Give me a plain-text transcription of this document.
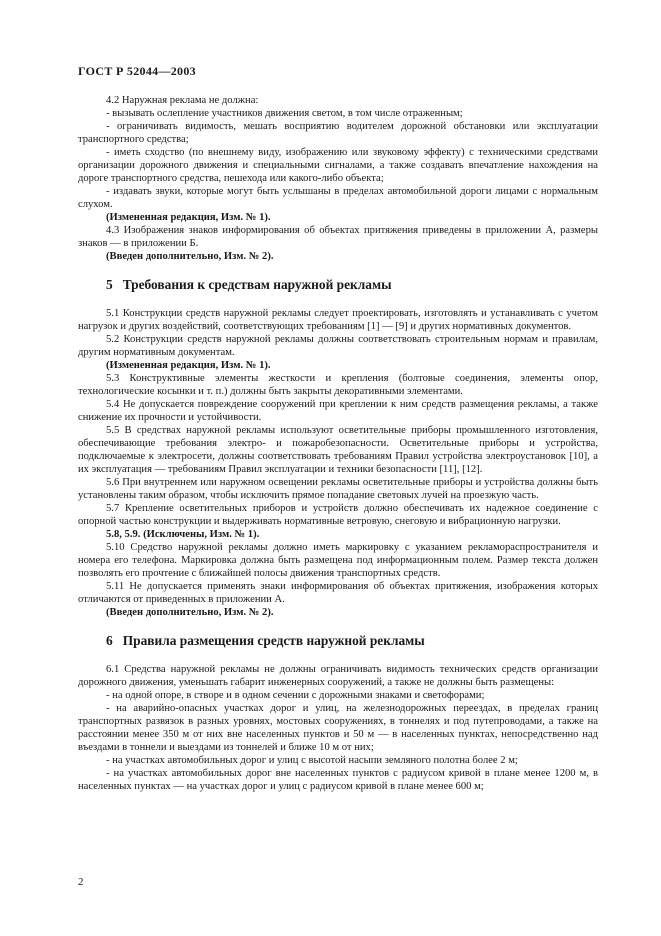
ГОСТ Р 52044—2003

4.2 Наружная реклама не должна:

- вызывать ослепление участников движения светом, в том числе отраженным;

- ограничивать видимость, мешать восприятию водителем дорожной обстановки или эксплуатации транспортного средства;

- иметь сходство (по внешнему виду, изображению или звуковому эффекту) с техническими средствами организации дорожного движения и специальными сигналами, а также создавать впечатление нахождения на дороге транспортного средства, пешехода или какого-либо объекта;

- издавать звуки, которые могут быть услышаны в пределах автомобильной дороги лицами с нормальным слухом.

(Измененная редакция, Изм. № 1).

4.3 Изображения знаков информирования об объектах притяжения приведены в приложении А, размеры знаков — в приложении Б.

(Введен дополнительно, Изм. № 2).

5 Требования к средствам наружной рекламы

5.1 Конструкции средств наружной рекламы следует проектировать, изготовлять и устанавливать с учетом нагрузок и других воздействий, соответствующих требованиям [1] — [9] и других нормативных документов.

5.2 Конструкции средств наружной рекламы должны соответствовать строительным нормам и правилам, другим нормативным документам.

(Измененная редакция, Изм. № 1).

5.3 Конструктивные элементы жесткости и крепления (болтовые соединения, элементы опор, технологические косынки и т. п.) должны быть закрыты декоративными элементами.

5.4 Не допускается повреждение сооружений при креплении к ним средств размещения рекламы, а также снижение их прочности и устойчивости.

5.5 В средствах наружной рекламы используют осветительные приборы промышленного изготовления, обеспечивающие требования электро- и пожаробезопасности. Осветительные приборы и устройства, подключаемые к электросети, должны соответствовать требованиям Правил устройства электроустановок [10], а их эксплуатация — требованиям Правил эксплуатации и техники безопасности [11], [12].

5.6 При внутреннем или наружном освещении рекламы осветительные приборы и устройства должны быть установлены таким образом, чтобы исключить прямое попадание световых лучей на проезжую часть.

5.7 Крепление осветительных приборов и устройств должно обеспечивать их надежное соединение с опорной частью конструкции и выдерживать нормативные ветровую, снеговую и вибрационную нагрузки.

5.8, 5.9. (Исключены, Изм. № 1).

5.10 Средство наружной рекламы должно иметь маркировку с указанием рекламораспространителя и номера его телефона. Маркировка должна быть размещена под информационным полем. Размер текста должен позволять его прочтение с ближайшей полосы движения транспортных средств.

5.11 Не допускается применять знаки информирования об объектах притяжения, изображения которых отличаются от приведенных в приложении А.

(Введен дополнительно, Изм. № 2).

6 Правила размещения средств наружной рекламы

6.1 Средства наружной рекламы не должны ограничивать видимость технических средств организации дорожного движения, уменьшать габарит инженерных сооружений, а также не должны быть размещены:

- на одной опоре, в створе и в одном сечении с дорожными знаками и светофорами;

- на аварийно-опасных участках дорог и улиц, на железнодорожных переездах, в пределах границ транспортных развязок в разных уровнях, мостовых сооружениях, в тоннелях и под путепроводами, а также на расстоянии менее 350 м от них вне населенных пунктов и 50 м — в населенных пунктах, непосредственно над въездами в тоннели и выездами из тоннелей и ближе 10 м от них;

- на участках автомобильных дорог и улиц с высотой насыпи земляного полотна более 2 м;

- на участках автомобильных дорог вне населенных пунктов с радиусом кривой в плане менее 1200 м, в населенных пунктах — на участках дорог и улиц с радиусом кривой в плане менее 600 м;

2
